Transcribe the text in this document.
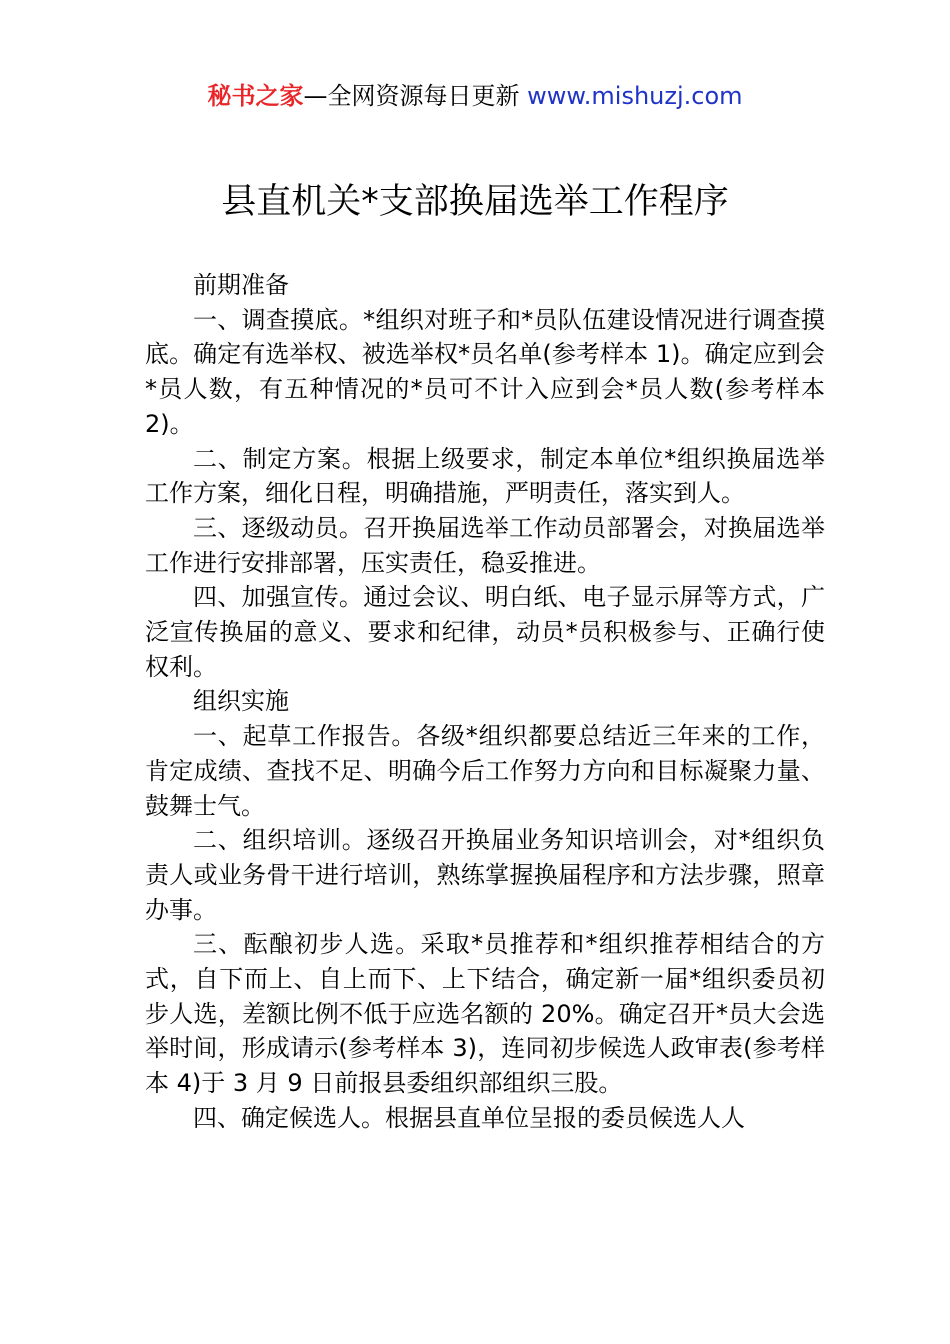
秘书之家—全网资源每日更新 www.mishuzj.com
县直机关*支部换届选举工作程序

前期准备

一、调查摸底。*组织对班子和*员队伍建设情况进行调查摸底。确定有选举权、被选举权*员名单(参考样本 1)。确定应到会*员人数，有五种情况的*员可不计入应到会*员人数(参考样本 2)。

二、制定方案。根据上级要求，制定本单位*组织换届选举工作方案，细化日程，明确措施，严明责任，落实到人。

三、逐级动员。召开换届选举工作动员部署会，对换届选举工作进行安排部署，压实责任，稳妥推进。

四、加强宣传。通过会议、明白纸、电子显示屏等方式，广泛宣传换届的意义、要求和纪律，动员*员积极参与、正确行使权利。

组织实施

一、起草工作报告。各级*组织都要总结近三年来的工作，肯定成绩、查找不足、明确今后工作努力方向和目标凝聚力量、鼓舞士气。

二、组织培训。逐级召开换届业务知识培训会，对*组织负责人或业务骨干进行培训，熟练掌握换届程序和方法步骤，照章办事。

三、酝酿初步人选。采取*员推荐和*组织推荐相结合的方式，自下而上、自上而下、上下结合，确定新一届*组织委员初步人选，差额比例不低于应选名额的 20%。确定召开*员大会选举时间，形成请示(参考样本 3)，连同初步候选人政审表(参考样本 4)于 3 月 9 日前报县委组织部组织三股。

四、确定候选人。根据县直单位呈报的委员候选人人
